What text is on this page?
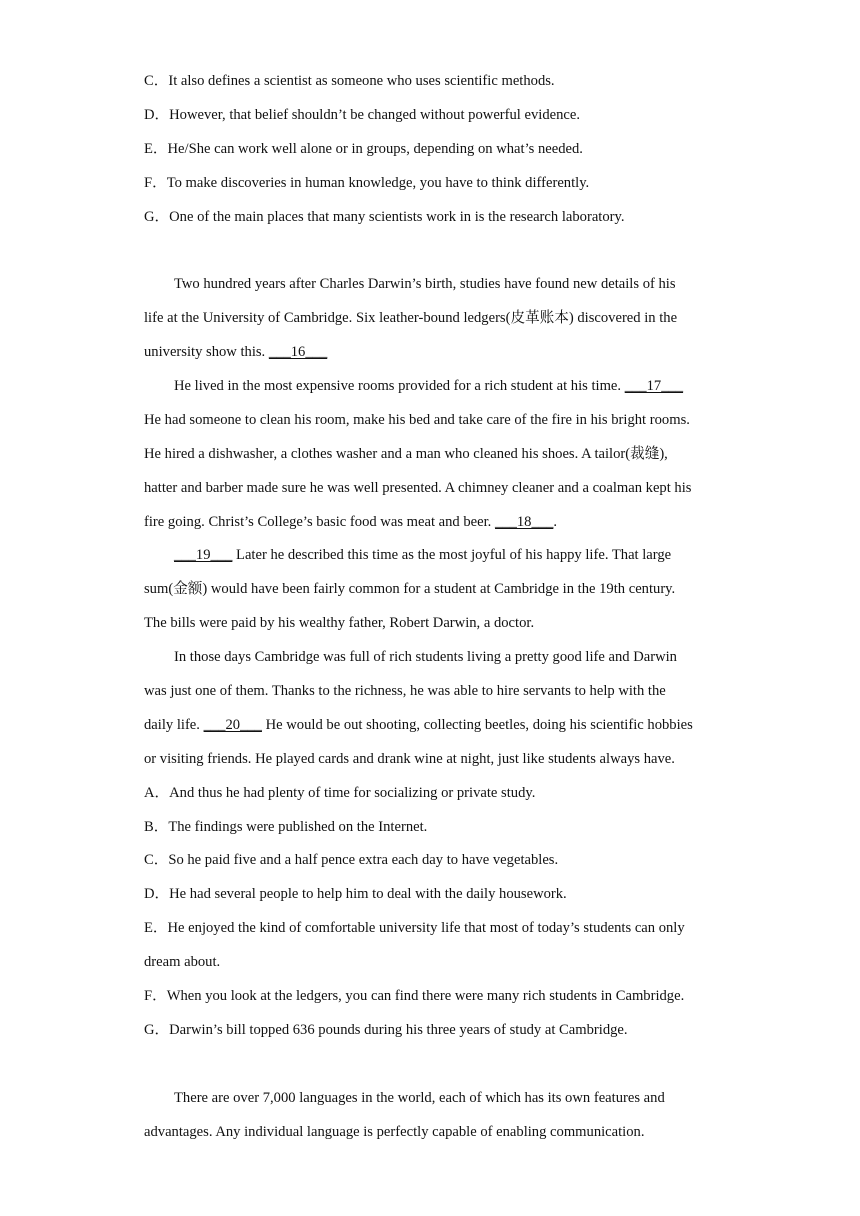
C．It also defines a scientist as someone who uses scientific methods.
D．However, that belief shouldn’t be changed without powerful evidence.
E．He/She can work well alone or in groups, depending on what’s needed.
F．To make discoveries in human knowledge, you have to think differently.
G．One of the main places that many scientists work in is the research laboratory.
Two hundred years after Charles Darwin’s birth, studies have found new details of his
life at the University of Cambridge. Six leather-bound ledgers(皮革账本) discovered in the
university show this. ___16___
He lived in the most expensive rooms provided for a rich student at his time. ___17___
He had someone to clean his room, make his bed and take care of the fire in his bright rooms.
He hired a dishwasher, a clothes washer and a man who cleaned his shoes. A tailor(裁缝),
hatter and barber made sure he was well presented. A chimney cleaner and a coalman kept his
fire going. Christ’s College’s basic food was meat and beer. ___18___.
___19___ Later he described this time as the most joyful of his happy life. That large
sum(金额) would have been fairly common for a student at Cambridge in the 19th century.
The bills were paid by his wealthy father, Robert Darwin, a doctor.
In those days Cambridge was full of rich students living a pretty good life and Darwin
was just one of them. Thanks to the richness, he was able to hire servants to help with the
daily life. ___20___ He would be out shooting, collecting beetles, doing his scientific hobbies
or visiting friends. He played cards and drank wine at night, just like students always have.
A．And thus he had plenty of time for socializing or private study.
B．The findings were published on the Internet.
C．So he paid five and a half pence extra each day to have vegetables.
D．He had several people to help him to deal with the daily housework.
E．He enjoyed the kind of comfortable university life that most of today’s students can only
dream about.
F．When you look at the ledgers, you can find there were many rich students in Cambridge.
G．Darwin’s bill topped 636 pounds during his three years of study at Cambridge.
There are over 7,000 languages in the world, each of which has its own features and
advantages. Any individual language is perfectly capable of enabling communication.
